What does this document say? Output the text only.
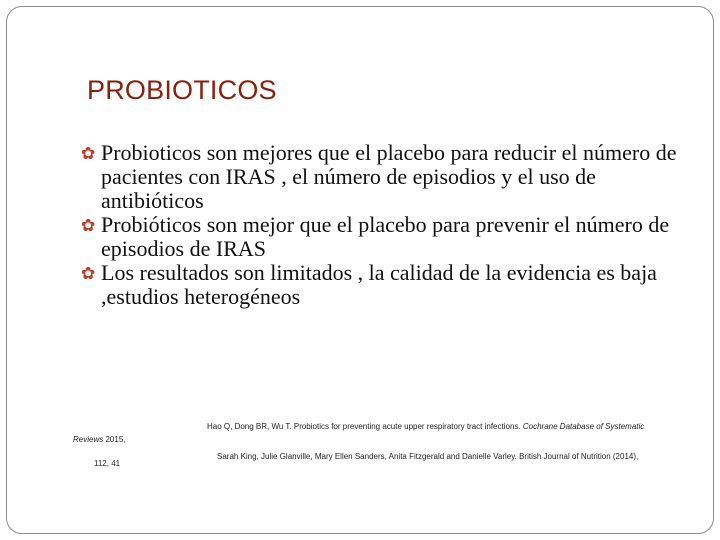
PROBIOTICOS
✿ Probioticos son mejores que el placebo para reducir el número de pacientes con IRAS , el número de episodios y el uso de antibióticos
✿ Probióticos son mejor que el placebo para prevenir el número de episodios de IRAS
✿ Los resultados son limitados , la calidad de la evidencia es baja ,estudios heterogéneos
Hao Q, Dong BR, Wu T. Probiotics for preventing acute upper respiratory tract infections. Cochrane Database of Systematic
Reviews 2015,
Sarah King, Julie Glanville, Mary Ellen Sanders, Anita Fitzgerald and Danielle Varley. British Journal of Nutrition (2014),
112, 41
